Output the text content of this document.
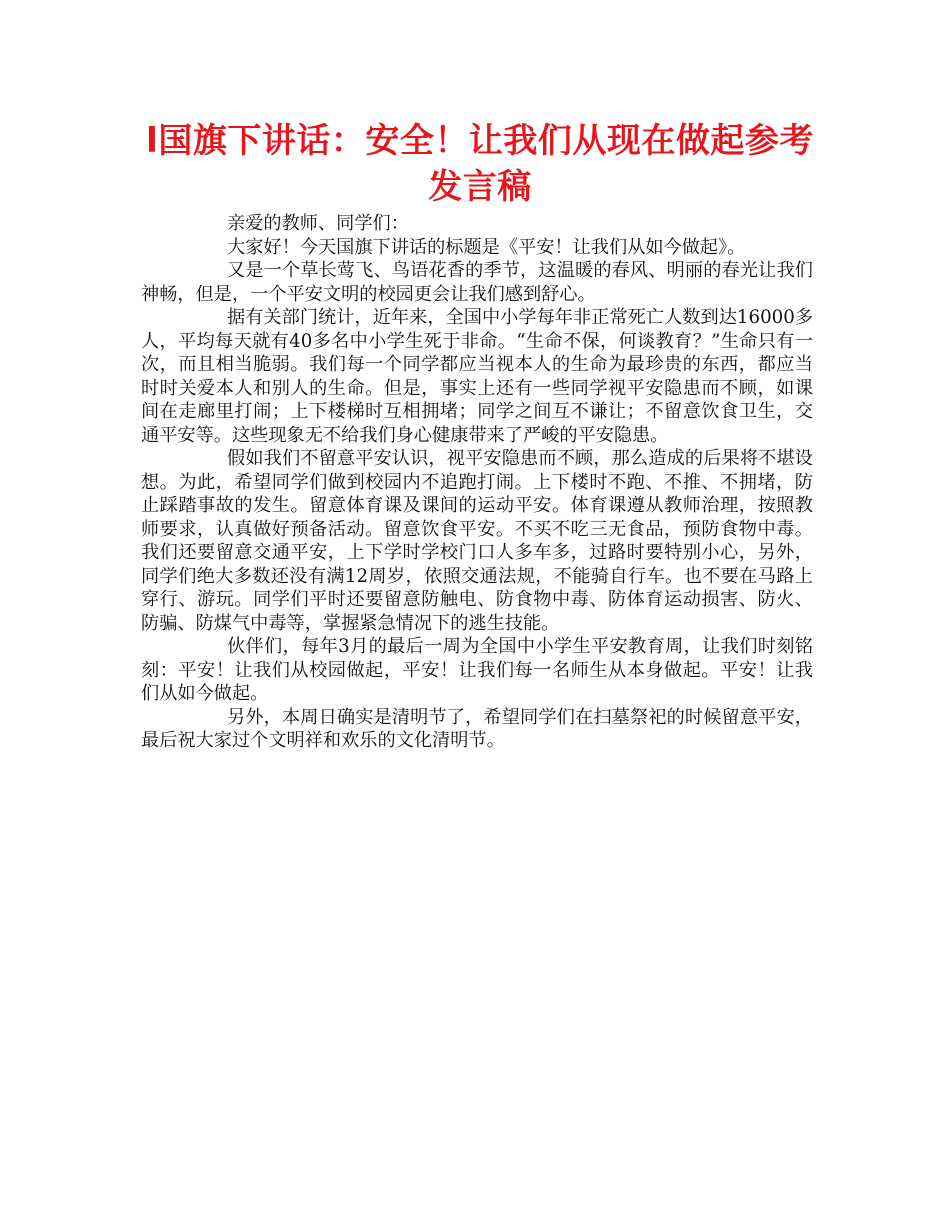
l国旗下讲话：安全！让我们从现在做起参考发言稿

亲爱的教师、同学们：

大家好！今天国旗下讲话的标题是《平安！让我们从如今做起》。

又是一个草长莺飞、鸟语花香的季节，这温暖的春风、明丽的春光让我们神畅，但是，一个平安文明的校园更会让我们感到舒心。

据有关部门统计，近年来，全国中小学每年非正常死亡人数到达16000多人，平均每天就有40多名中小学生死于非命。“生命不保，何谈教育？”生命只有一次，而且相当脆弱。我们每一个同学都应当视本人的生命为最珍贵的东西，都应当时时关爱本人和别人的生命。但是，事实上还有一些同学视平安隐患而不顾，如课间在走廊里打闹；上下楼梯时互相拥堵；同学之间互不谦让；不留意饮食卫生，交通平安等。这些现象无不给我们身心健康带来了严峻的平安隐患。

假如我们不留意平安认识，视平安隐患而不顾，那么造成的后果将不堪设想。为此，希望同学们做到校园内不追跑打闹。上下楼时不跑、不推、不拥堵，防止踩踏事故的发生。留意体育课及课间的运动平安。体育课遵从教师治理，按照教师要求，认真做好预备活动。留意饮食平安。不买不吃三无食品，预防食物中毒。我们还要留意交通平安，上下学时学校门口人多车多，过路时要特别小心，另外，同学们绝大多数还没有满12周岁，依照交通法规，不能骑自行车。也不要在马路上穿行、游玩。同学们平时还要留意防触电、防食物中毒、防体育运动损害、防火、防骗、防煤气中毒等，掌握紧急情况下的逃生技能。

伙伴们，每年3月的最后一周为全国中小学生平安教育周，让我们时刻铭刻：平安！让我们从校园做起，平安！让我们每一名师生从本身做起。平安！让我们从如今做起。

另外，本周日确实是清明节了，希望同学们在扫墓祭祀的时候留意平安，最后祝大家过个文明祥和欢乐的文化清明节。
